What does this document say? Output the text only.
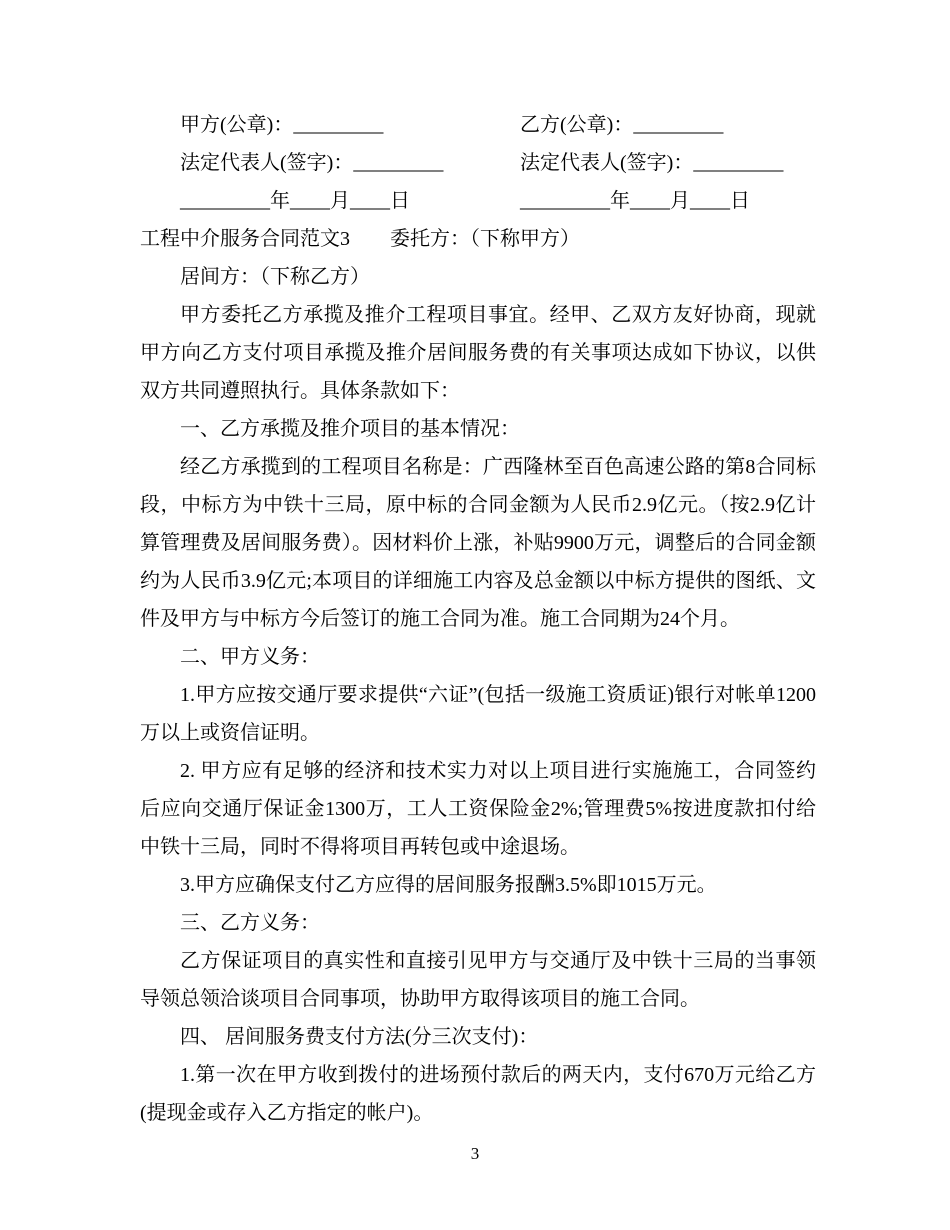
甲方(公章)：_________	乙方(公章)：_________
法定代表人(签字)：_________	法定代表人(签字)：_________
_________年____月____日	_________年____月____日

工程中介服务合同范文3　　委托方：（下称甲方）

居间方：（下称乙方）

甲方委托乙方承揽及推介工程项目事宜。经甲、乙双方友好协商，现就甲方向乙方支付项目承揽及推介居间服务费的有关事项达成如下协议，以供双方共同遵照执行。具体条款如下：

一、乙方承揽及推介项目的基本情况：

经乙方承揽到的工程项目名称是：广西隆林至百色高速公路的第8合同标段，中标方为中铁十三局，原中标的合同金额为人民币2.9亿元。（按2.9亿计算管理费及居间服务费）。因材料价上涨，补贴9900万元，调整后的合同金额约为人民币3.9亿元;本项目的详细施工内容及总金额以中标方提供的图纸、文件及甲方与中标方今后签订的施工合同为准。施工合同期为24个月。

二、甲方义务：

1.甲方应按交通厅要求提供“六证”(包括一级施工资质证)银行对帐单1200万以上或资信证明。

2. 甲方应有足够的经济和技术实力对以上项目进行实施施工，合同签约后应向交通厅保证金1300万，工人工资保险金2%;管理费5%按进度款扣付给中铁十三局，同时不得将项目再转包或中途退场。

3.甲方应确保支付乙方应得的居间服务报酬3.5%即1015万元。

三、乙方义务：

乙方保证项目的真实性和直接引见甲方与交通厅及中铁十三局的当事领导领总领洽谈项目合同事项，协助甲方取得该项目的施工合同。

四、 居间服务费支付方法(分三次支付)：

1.第一次在甲方收到拨付的进场预付款后的两天内，支付670万元给乙方(提现金或存入乙方指定的帐户)。

3
